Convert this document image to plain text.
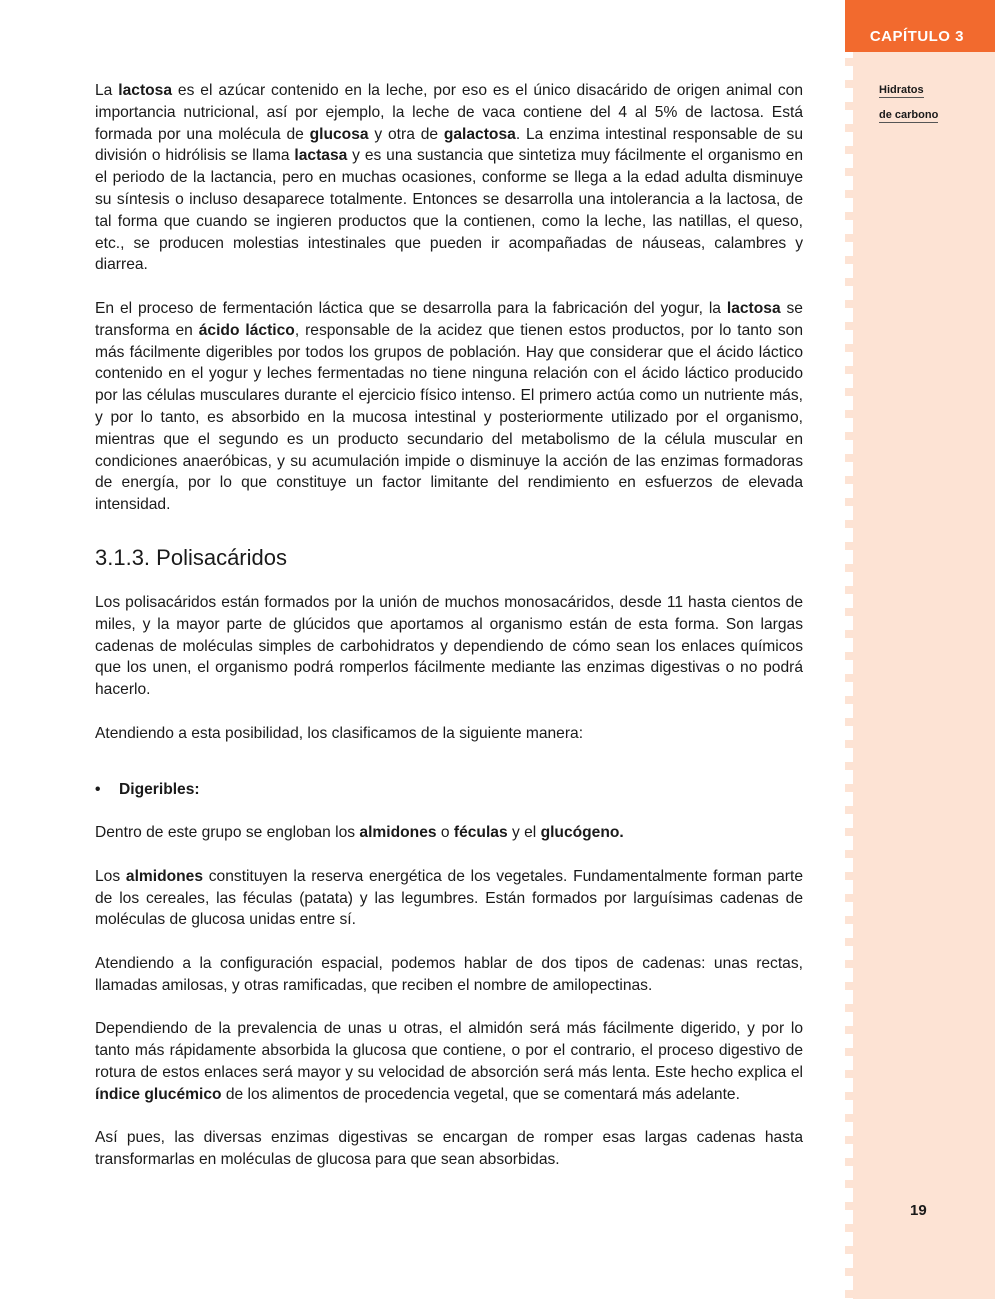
CAPÍTULO 3
Hidratos
de carbono
19

La lactosa es el azúcar contenido en la leche, por eso es el único disacárido de origen animal con importancia nutricional, así por ejemplo, la leche de vaca contiene del 4 al 5% de lactosa. Está formada por una molécula de glucosa y otra de galactosa. La enzima intestinal responsable de su división o hidrólisis se llama lactasa y es una sustancia que sintetiza muy fácilmente el organismo en el periodo de la lactancia, pero en muchas ocasiones, conforme se llega a la edad adulta disminuye su síntesis o incluso desaparece totalmente. Entonces se desarrolla una intolerancia a la lactosa, de tal forma que cuando se ingieren productos que la contienen, como la leche, las natillas, el queso, etc., se producen molestias intestinales que pueden ir acompañadas de náuseas, calambres y diarrea.

En el proceso de fermentación láctica que se desarrolla para la fabricación del yogur, la lactosa se transforma en ácido láctico, responsable de la acidez que tienen estos productos, por lo tanto son más fácilmente digeribles por todos los grupos de población. Hay que considerar que el ácido láctico contenido en el yogur y leches fermentadas no tiene ninguna relación con el ácido láctico producido por las células musculares durante el ejercicio físico intenso. El primero actúa como un nutriente más, y por lo tanto, es absorbido en la mucosa intestinal y posteriormente utilizado por el organismo, mientras que el segundo es un producto secundario del metabolismo de la célula muscular en condiciones anaeróbicas, y su acumulación impide o disminuye la acción de las enzimas formadoras de energía, por lo que constituye un factor limitante del rendimiento en esfuerzos de elevada intensidad.

3.1.3. Polisacáridos

Los polisacáridos están formados por la unión de muchos monosacáridos, desde 11 hasta cientos de miles, y la mayor parte de glúcidos que aportamos al organismo están de esta forma. Son largas cadenas de moléculas simples de carbohidratos y dependiendo de cómo sean los enlaces químicos que los unen, el organismo podrá romperlos fácilmente mediante las enzimas digestivas o no podrá hacerlo.

Atendiendo a esta posibilidad, los clasificamos de la siguiente manera:

•	Digeribles:

Dentro de este grupo se engloban los almidones o féculas y el glucógeno.

Los almidones constituyen la reserva energética de los vegetales. Fundamentalmente forman parte de los cereales, las féculas (patata) y las legumbres. Están formados por larguísimas cadenas de moléculas de glucosa unidas entre sí.

Atendiendo a la configuración espacial, podemos hablar de dos tipos de cadenas: unas rectas, llamadas amilosas, y otras ramificadas, que reciben el nombre de amilopectinas.

Dependiendo de la prevalencia de unas u otras, el almidón será más fácilmente digerido, y por lo tanto más rápidamente absorbida la glucosa que contiene, o por el contrario, el proceso digestivo de rotura de estos enlaces será mayor y su velocidad de absorción será más lenta. Este hecho explica el índice glucémico de los alimentos de procedencia vegetal, que se comentará más adelante.

Así pues, las diversas enzimas digestivas se encargan de romper esas largas cadenas hasta transformarlas en moléculas de glucosa para que sean absorbidas.
